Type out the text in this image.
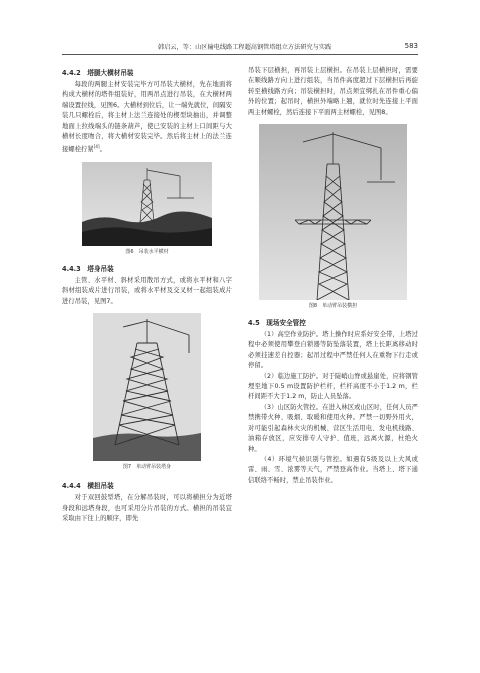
韩启云，等：山区输电线路工程超高钢管塔组立方法研究与实践	583
4.4.2　塔腿大横材吊装

每段的两腿主材安装完毕方可吊装大横材，先在地面将构成大横材的塔件组装好，用两吊点进行吊装，在大横材两端设置拉线，见图6。大横材到位后，让一端先就位，间隔安装几只螺栓后，将主材上法兰连接处的楔型块抽出，并调整地面上拉线端头的链条葫芦，使已安装的主材上口间距与大横材长度吻合，将大横材安装完毕。然后将主材上的法兰连接螺栓拧紧[4]。

图6　吊装水平横材
4.4.3　塔身吊装

主管、水平材、斜材采用散吊方式，或将水平材和八字斜材组装成片进行吊装，或将水平材及交叉材一起组装成片进行吊装，见图7。

图7　单动臂吊装塔身
4.4.4　横担吊装

对于双回鼓型塔，在分解吊装时，可以将横担分为近塔身段和远塔身段，也可采用分片吊装的方式。横担的吊装宜采取由下往上的顺序，即先

吊装下层横担，再吊装上层横担。在吊装上层横担时，需要在顺线路方向上进行组装，当吊件高度超过下层横担后再旋转至横线路方向；吊装横担时，吊点须宜绑扎在吊件重心偏外的位置；起吊时，横担外端略上翘，就位时先连接上平面两主材螺栓，然后连接下平面两主材螺栓，见图8。

图8　单动臂吊装横担
4.5　现场安全管控

（1）高空作业防护。塔上操作时应系好安全带，上塔过程中必须使用攀登自锁器等防坠落装置，塔上长距离移动时必须挂速差自控器；起吊过程中严禁任何人在重物下行走或停留。

（2）临边施工防护。对于陡峭山脊或悬崖处，应将钢管埋至地下0.5 m设置防护栏杆，栏杆高度不小于1.2 m，栏杆间距不大于1.2 m，防止人员坠落。

（3）山区防火管控。在进入林区或山区时，任何人员严禁携带火种、吸烟、取暖和使用火种。严禁一切野外用火，对可能引起森林火灾的机械、营区生活用电、发电机线路、油箱存放区，应安排专人守护、值班，远离火源，杜绝火种。

（4）环境气候识别与管控。如遇有5级及以上大风或雷、雨、雪、浓雾等天气，严禁登高作业。当塔上、塔下通信联络不畅时，禁止吊装作业。
